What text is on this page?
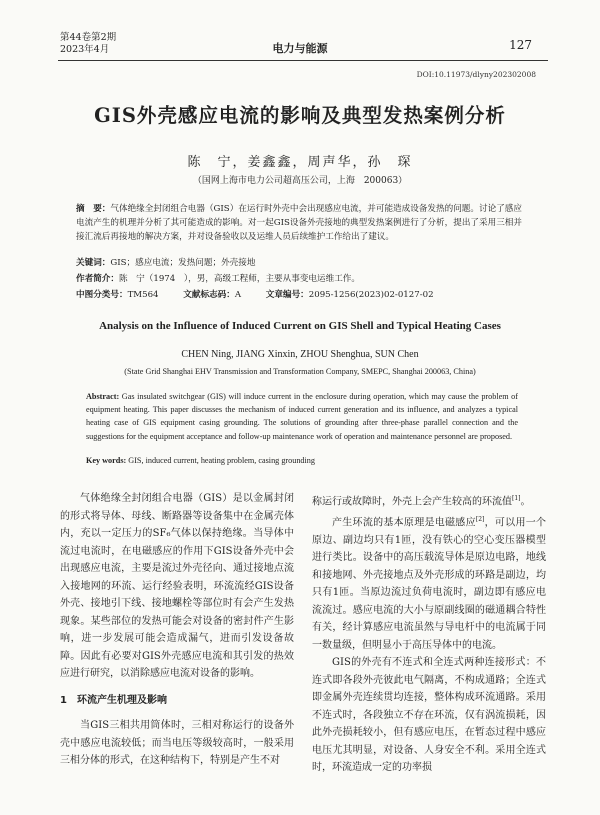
第44卷第2期
2023年4月	电力与能源	127
DOI:10.11973/dlyny202302008
GIS外壳感应电流的影响及典型发热案例分析
陈　宁，姜鑫鑫，周声华，孙　琛
（国网上海市电力公司超高压公司，上海　200063）
摘　要：气体绝缘全封闭组合电器（GIS）在运行时外壳中会出现感应电流，并可能造成设备发热的问题。讨论了感应电流产生的机理并分析了其可能造成的影响。对一起GIS设备外壳接地的典型发热案例进行了分析，提出了采用三相并接汇流后再接地的解决方案，并对设备验收以及运维人员后续维护工作给出了建议。
关键词：GIS；感应电流；发热问题；外壳接地
作者简介：陈　宁（1974　），男，高级工程师，主要从事变电运维工作。
中图分类号：TM564	文献标志码：A	文章编号：2095-1256(2023)02-0127-02
Analysis on the Influence of Induced Current on GIS Shell and Typical Heating Cases
CHEN Ning, JIANG Xinxin, ZHOU Shenghua, SUN Chen
(State Grid Shanghai EHV Transmission and Transformation Company, SMEPC, Shanghai 200063, China)
Abstract: Gas insulated switchgear (GIS) will induce current in the enclosure during operation, which may cause the problem of equipment heating. This paper discusses the mechanism of induced current generation and its influence, and analyzes a typical heating case of GIS equipment casing grounding. The solutions of grounding after three-phase parallel connection and the suggestions for the equipment acceptance and follow-up maintenance work of operation and maintenance personnel are proposed.
Key words: GIS, induced current, heating problem, casing grounding

气体绝缘全封闭组合电器（GIS）是以金属封闭的形式将导体、母线、断路器等设备集中在金属壳体内，充以一定压力的SF₆气体以保持绝缘。当导体中流过电流时，在电磁感应的作用下GIS设备外壳中会出现感应电流，主要是流过外壳径向、通过接地点流入接地网的环流、运行经验表明，环流流经GIS设备外壳、接地引下线、接地螺栓等部位时有会产生发热现象。某些部位的发热可能会对设备的密封件产生影响，进一步发展可能会造成漏气，进而引发设备故障。因此有必要对GIS外壳感应电流和其引发的热效应进行研究，以消除感应电流对设备的影响。

1　环流产生机理及影响

当GIS三相共用筒体时，三相对称运行的设备外壳中感应电流较低；而当电压等级较高时，一般采用三相分体的形式，在这种结构下，特别是产生不对

称运行或故障时，外壳上会产生较高的环流值[1]。

产生环流的基本原理是电磁感应[2]，可以用一个原边、副边均只有1匝，没有铁心的空心变压器模型进行类比。设备中的高压载流导体是原边电路，地线和接地网、外壳接地点及外壳形成的环路是副边，均只有1匝。当原边流过负荷电流时，副边即有感应电流流过。感应电流的大小与原副线圈的磁通耦合特性有关，经计算感应电流虽然与导电杆中的电流属于同一数量级，但明显小于高压导体中的电流。

GIS的外壳有不连式和全连式两种连接形式：不连式即各段外壳彼此电气隔离，不构成通路；全连式即金属外壳连续贯均连接，整体构成环流通路。采用不连式时，各段独立不存在环流，仅有涡流损耗，因此外壳损耗较小，但有感应电压，在暂态过程中感应电压尤其明显，对设备、人身安全不利。采用全连式时，环流造成一定的功率损
